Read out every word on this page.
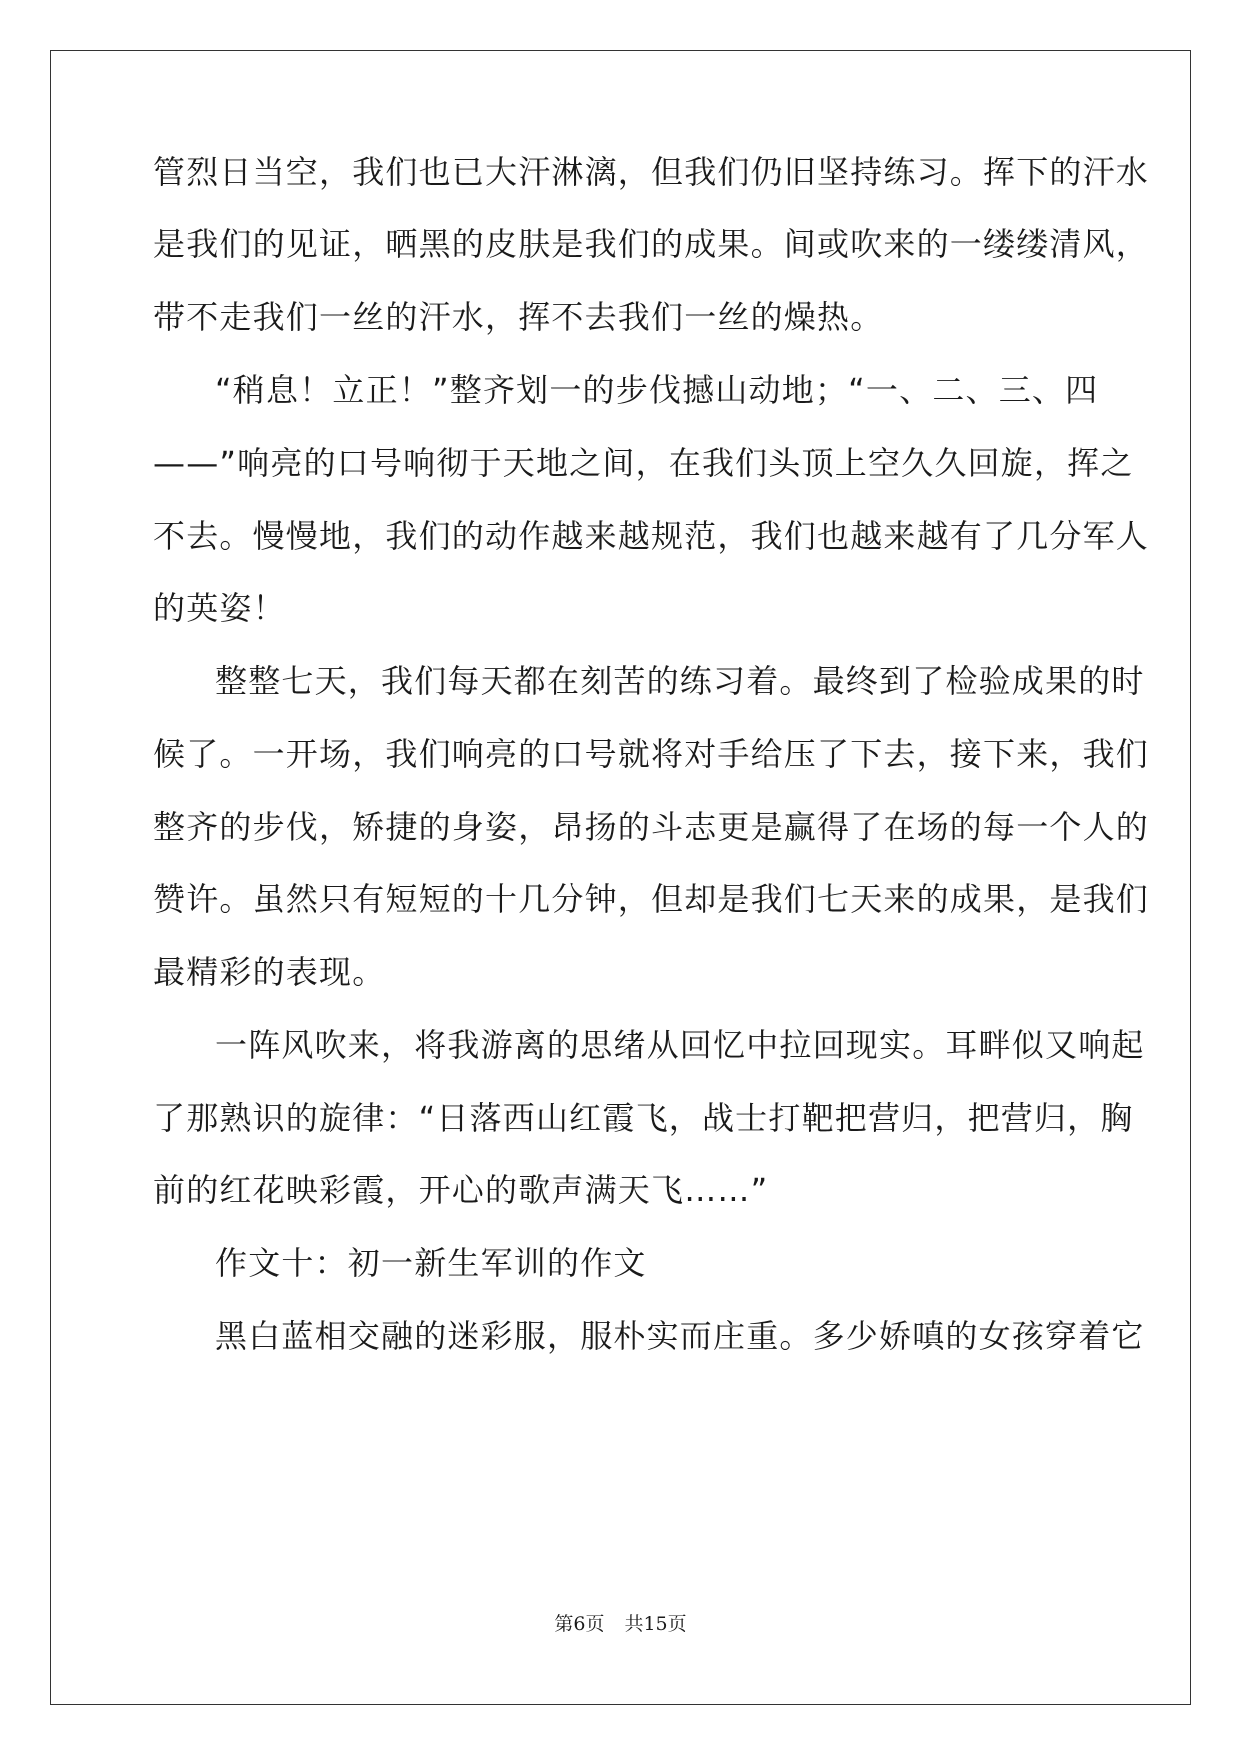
管烈日当空，我们也已大汗淋漓，但我们仍旧坚持练习。挥下的汗水
是我们的见证，晒黑的皮肤是我们的成果。间或吹来的一缕缕清风，
带不走我们一丝的汗水，挥不去我们一丝的燥热。
“稍息！立正！”整齐划一的步伐撼山动地；“一、二、三、四
——”响亮的口号响彻于天地之间，在我们头顶上空久久回旋，挥之
不去。慢慢地，我们的动作越来越规范，我们也越来越有了几分军人
的英姿！
整整七天，我们每天都在刻苦的练习着。最终到了检验成果的时
候了。一开场，我们响亮的口号就将对手给压了下去，接下来，我们
整齐的步伐，矫捷的身姿，昂扬的斗志更是赢得了在场的每一个人的
赞许。虽然只有短短的十几分钟，但却是我们七天来的成果，是我们
最精彩的表现。
一阵风吹来，将我游离的思绪从回忆中拉回现实。耳畔似又响起
了那熟识的旋律：“日落西山红霞飞，战士打靶把营归，把营归，胸
前的红花映彩霞，开心的歌声满天飞……”
作文十：初一新生军训的作文
黑白蓝相交融的迷彩服，服朴实而庄重。多少娇嗔的女孩穿着它
第6页 共15页
